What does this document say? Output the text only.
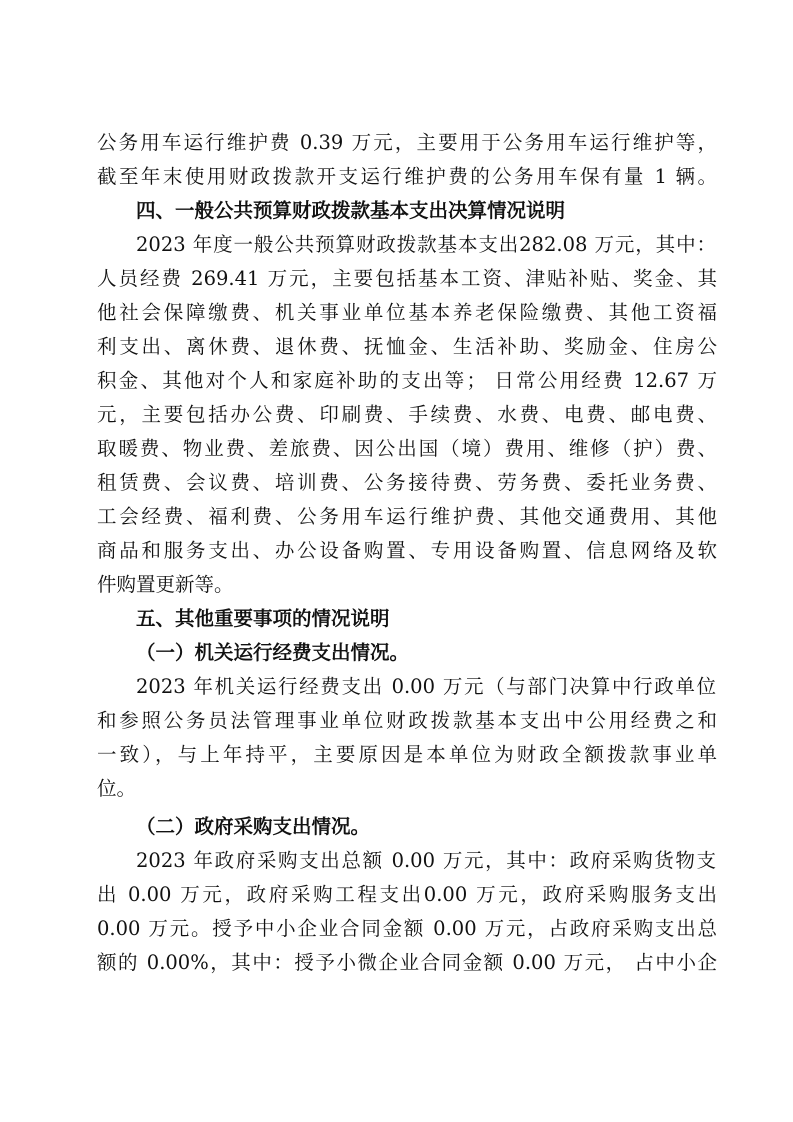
公务用车运行维护费 0.39 万元，主要用于公务用车运行维护等，
截至年末使用财政拨款开支运行维护费的公务用车保有量 1 辆。
四、一般公共预算财政拨款基本支出决算情况说明
2023 年度一般公共预算财政拨款基本支出282.08 万元，其中：
人员经费 269.41 万元，主要包括基本工资、津贴补贴、奖金、其
他社会保障缴费、机关事业单位基本养老保险缴费、其他工资福
利支出、离休费、退休费、抚恤金、生活补助、奖励金、住房公
积金、其他对个人和家庭补助的支出等； 日常公用经费 12.67 万
元，主要包括办公费、印刷费、手续费、水费、电费、邮电费、
取暖费、物业费、差旅费、因公出国（境）费用、维修（护）费、
租赁费、会议费、培训费、公务接待费、劳务费、委托业务费、
工会经费、福利费、公务用车运行维护费、其他交通费用、其他
商品和服务支出、办公设备购置、专用设备购置、信息网络及软
件购置更新等。
五、其他重要事项的情况说明
（一）机关运行经费支出情况。
2023 年机关运行经费支出 0.00 万元（与部门决算中行政单位
和参照公务员法管理事业单位财政拨款基本支出中公用经费之和
一致），与上年持平，主要原因是本单位为财政全额拨款事业单
位。
（二）政府采购支出情况。
2023 年政府采购支出总额 0.00 万元，其中：政府采购货物支
出 0.00 万元，政府采购工程支出0.00 万元，政府采购服务支出
0.00 万元。授予中小企业合同金额 0.00 万元，占政府采购支出总
额的 0.00%，其中：授予小微企业合同金额 0.00 万元， 占中小企
